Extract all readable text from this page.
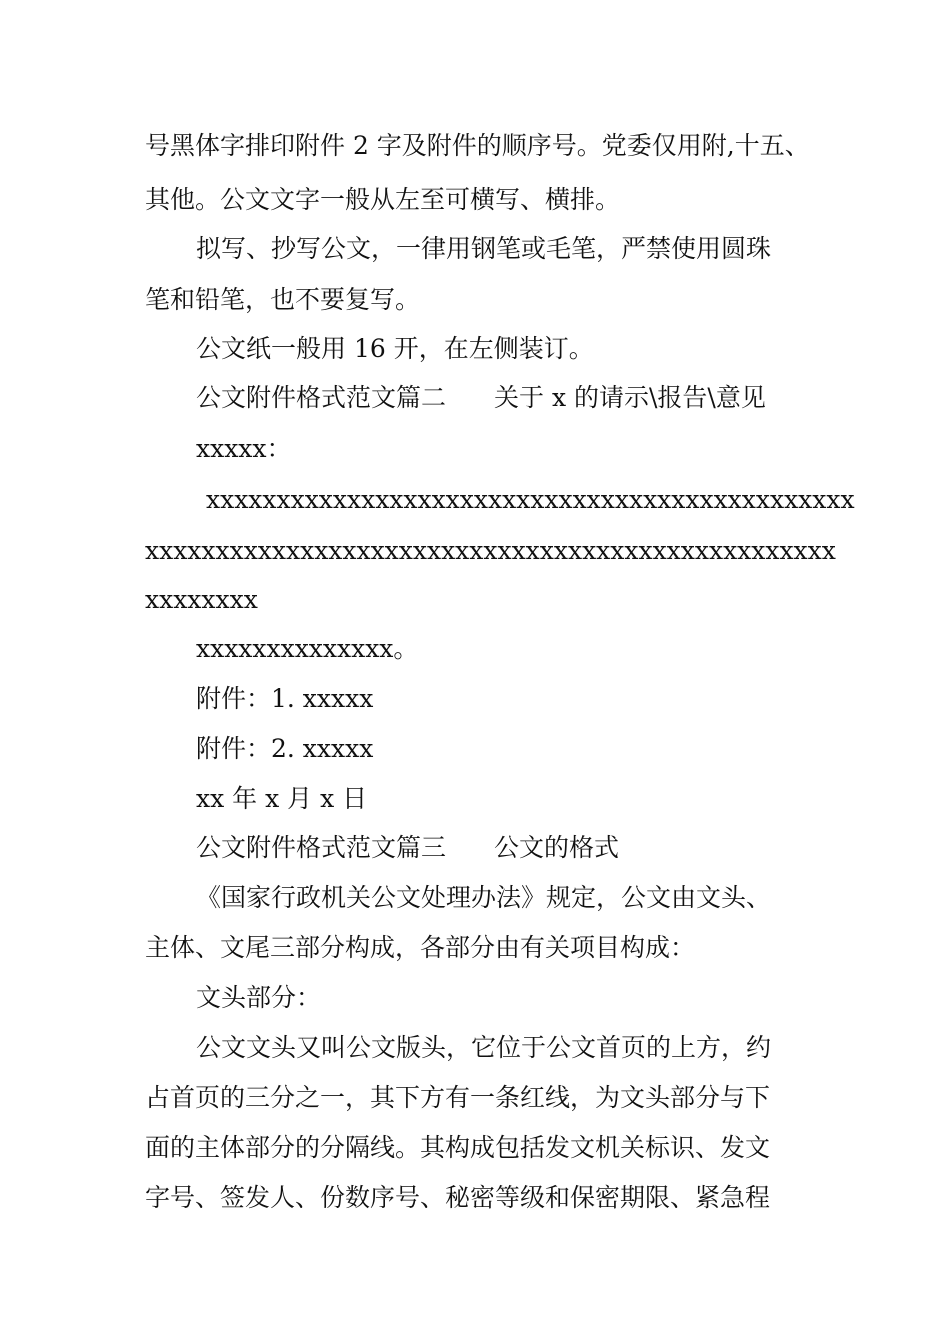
号黑体字排印附件 2 字及附件的顺序号。党委仅用附,十五、
其他。公文文字一般从左至可横写、横排。
拟写、抄写公文，一律用钢笔或毛笔，严禁使用圆珠
笔和铅笔，也不要复写。
公文纸一般用 16 开，在左侧装订。
公文附件格式范文篇二 关于 x 的请示\报告\意见
xxxxx：
xxxxxxxxxxxxxxxxxxxxxxxxxxxxxxxxxxxxxxxxxxxxxx
xxxxxxxxxxxxxxxxxxxxxxxxxxxxxxxxxxxxxxxxxxxxxxxxx
xxxxxxxx
xxxxxxxxxxxxxx。
附件：1. xxxxx
附件：2. xxxxx
xx 年 x 月 x 日
公文附件格式范文篇三 公文的格式
《国家行政机关公文处理办法》规定，公文由文头、
主体、文尾三部分构成，各部分由有关项目构成：
文头部分：
公文文头又叫公文版头，它位于公文首页的上方，约
占首页的三分之一，其下方有一条红线，为文头部分与下
面的主体部分的分隔线。其构成包括发文机关标识、发文
字号、签发人、份数序号、秘密等级和保密期限、紧急程
